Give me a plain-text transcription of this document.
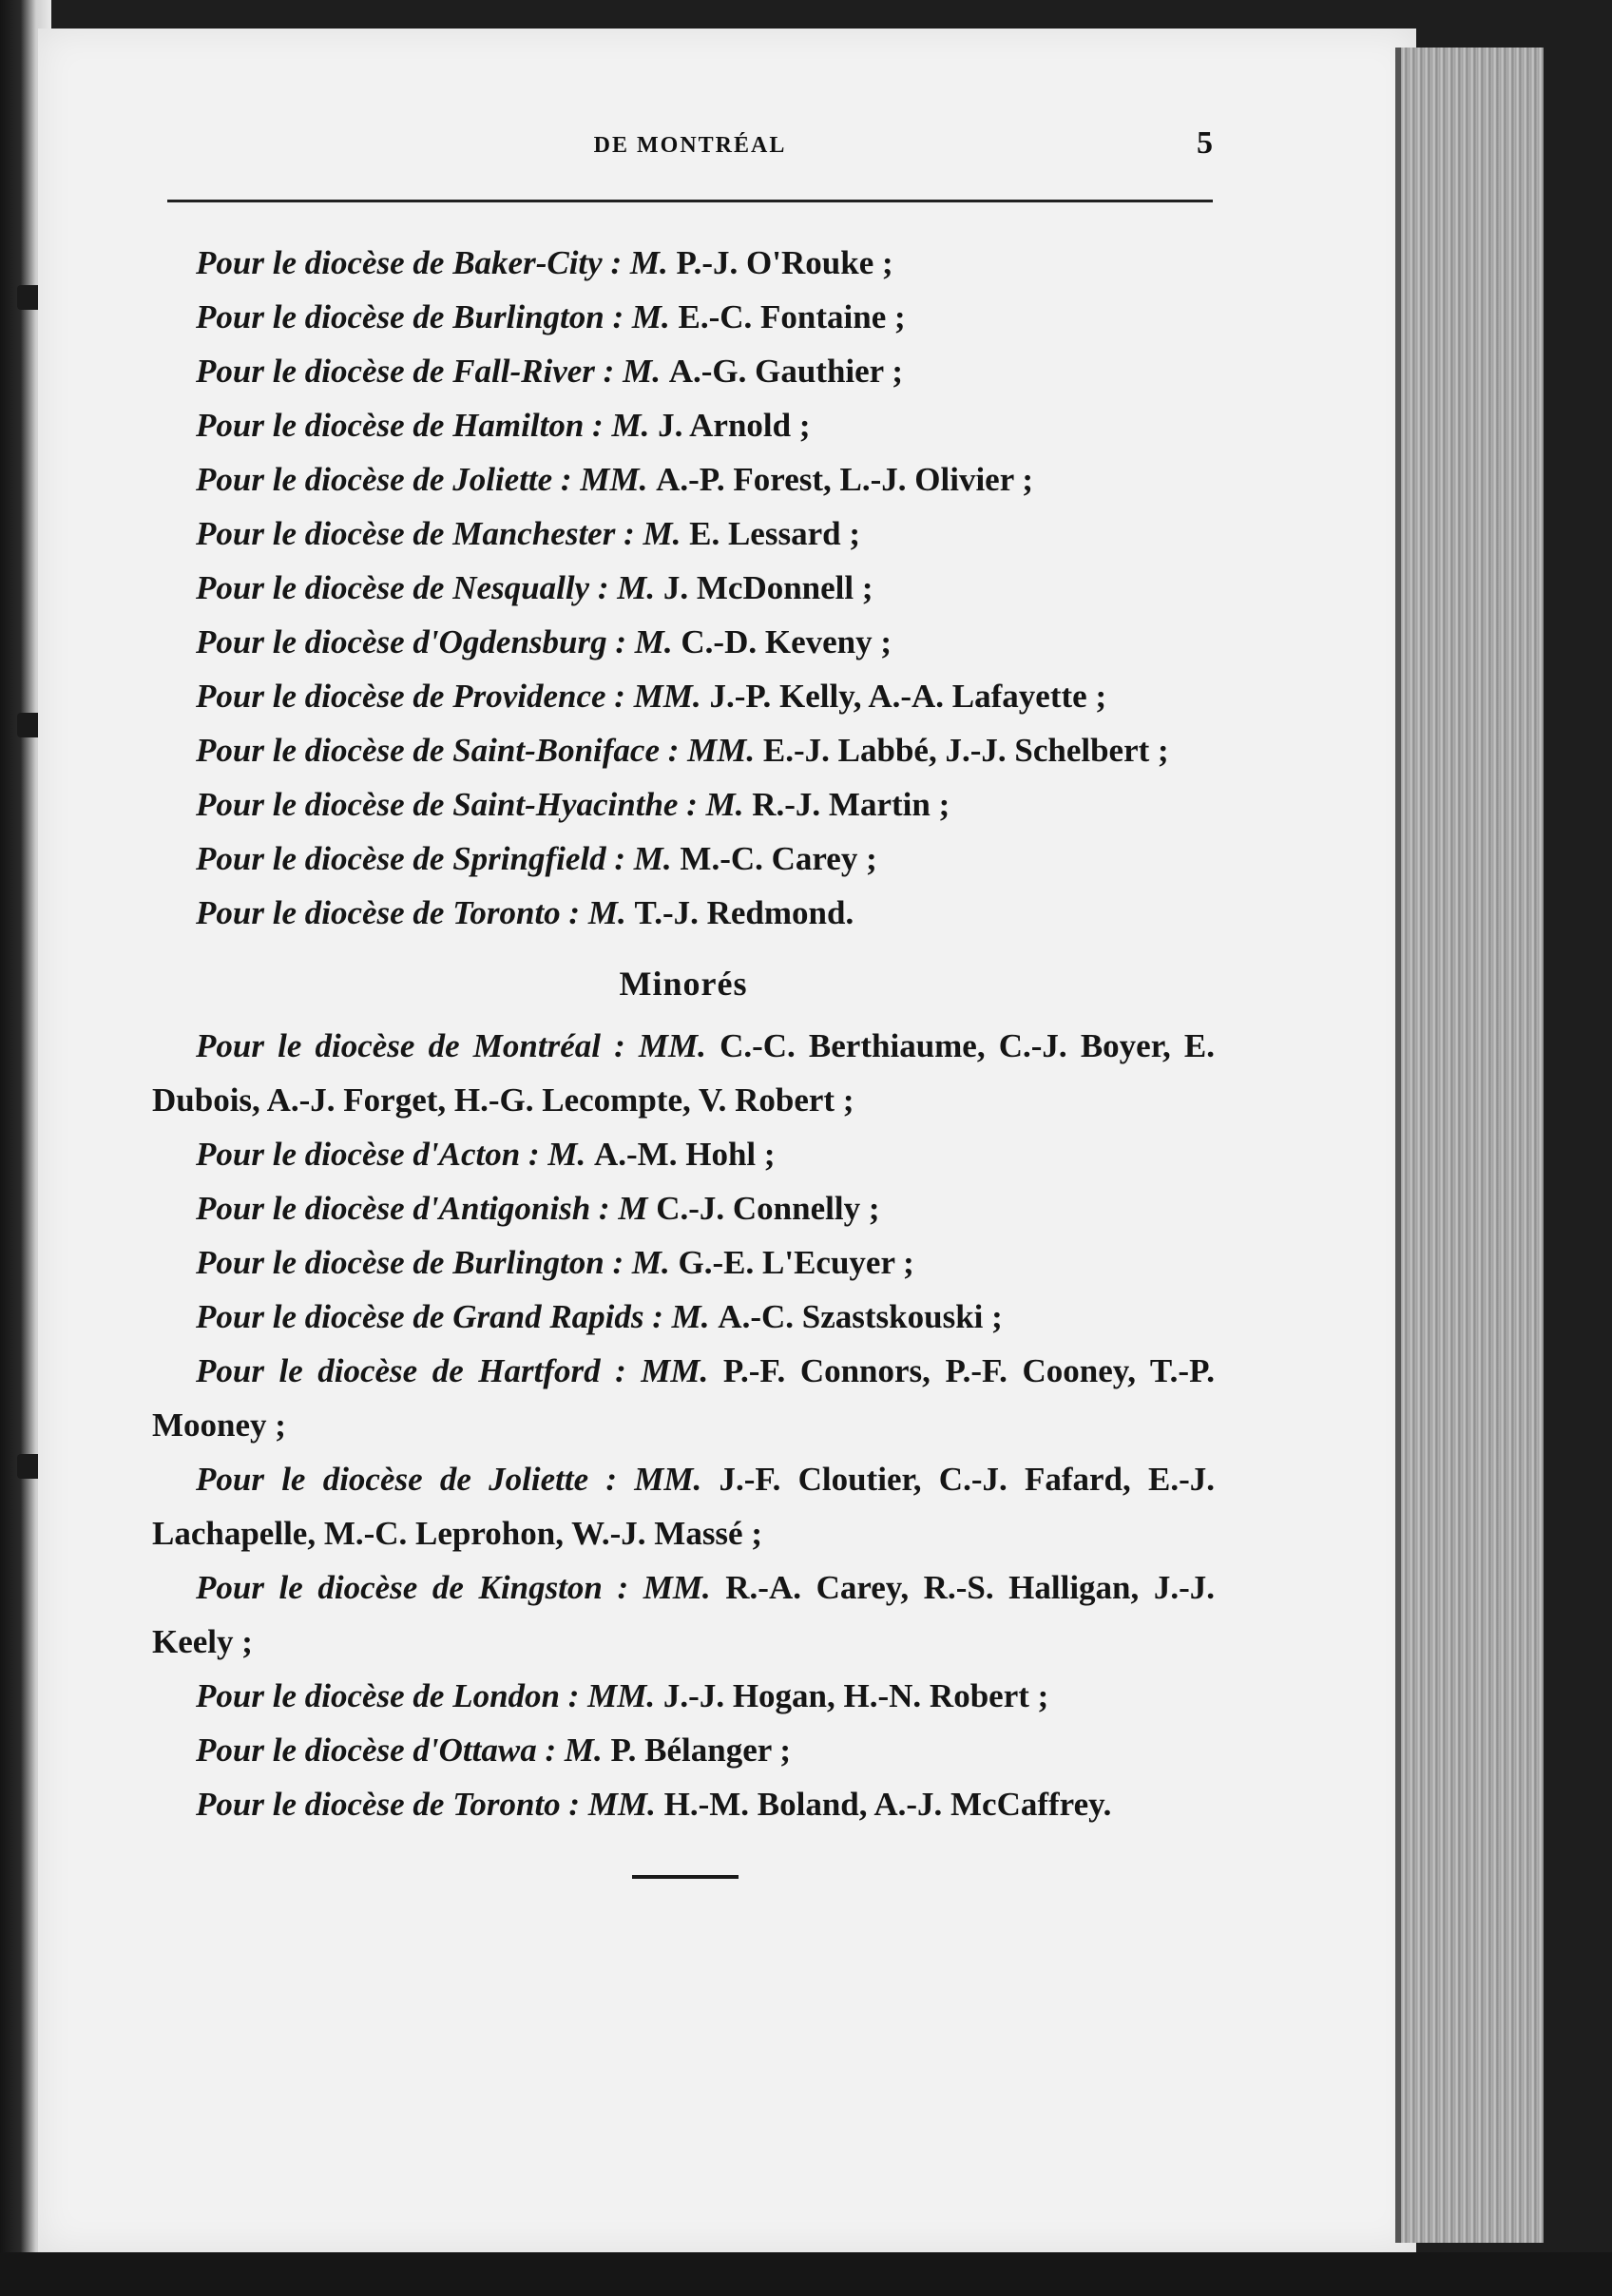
DE MONTRÉAL	5

Pour le diocèse de Baker-City : M. P.-J. O'Rouke ;

Pour le diocèse de Burlington : M. E.-C. Fontaine ;

Pour le diocèse de Fall-River : M. A.-G. Gauthier ;

Pour le diocèse de Hamilton : M. J. Arnold ;

Pour le diocèse de Joliette : MM. A.-P. Forest, L.-J. Olivier ;

Pour le diocèse de Manchester : M. E. Lessard ;

Pour le diocèse de Nesqually : M. J. McDonnell ;

Pour le diocèse d'Ogdensburg : M. C.-D. Keveny ;

Pour le diocèse de Providence : MM. J.-P. Kelly, A.-A. Lafayette ;

Pour le diocèse de Saint-Boniface : MM. E.-J. Labbé, J.-J. Schelbert ;

Pour le diocèse de Saint-Hyacinthe : M. R.-J. Martin ;

Pour le diocèse de Springfield : M. M.-C. Carey ;

Pour le diocèse de Toronto : M. T.-J. Redmond.

Minorés

Pour le diocèse de Montréal : MM. C.-C. Berthiaume, C.-J. Boyer, E. Dubois, A.-J. Forget, H.-G. Lecompte, V. Robert ;

Pour le diocèse d'Acton : M. A.-M. Hohl ;

Pour le diocèse d'Antigonish : M C.-J. Connelly ;

Pour le diocèse de Burlington : M. G.-E. L'Ecuyer ;

Pour le diocèse de Grand Rapids : M. A.-C. Szastskouski ;

Pour le diocèse de Hartford : MM. P.-F. Connors, P.-F. Cooney, T.-P. Mooney ;

Pour le diocèse de Joliette : MM. J.-F. Cloutier, C.-J. Fafard, E.-J. Lachapelle, M.-C. Leprohon, W.-J. Massé ;

Pour le diocèse de Kingston : MM. R.-A. Carey, R.-S. Halligan, J.-J. Keely ;

Pour le diocèse de London : MM. J.-J. Hogan, H.-N. Robert ;

Pour le diocèse d'Ottawa : M. P. Bélanger ;

Pour le diocèse de Toronto : MM. H.-M. Boland, A.-J. McCaffrey.
